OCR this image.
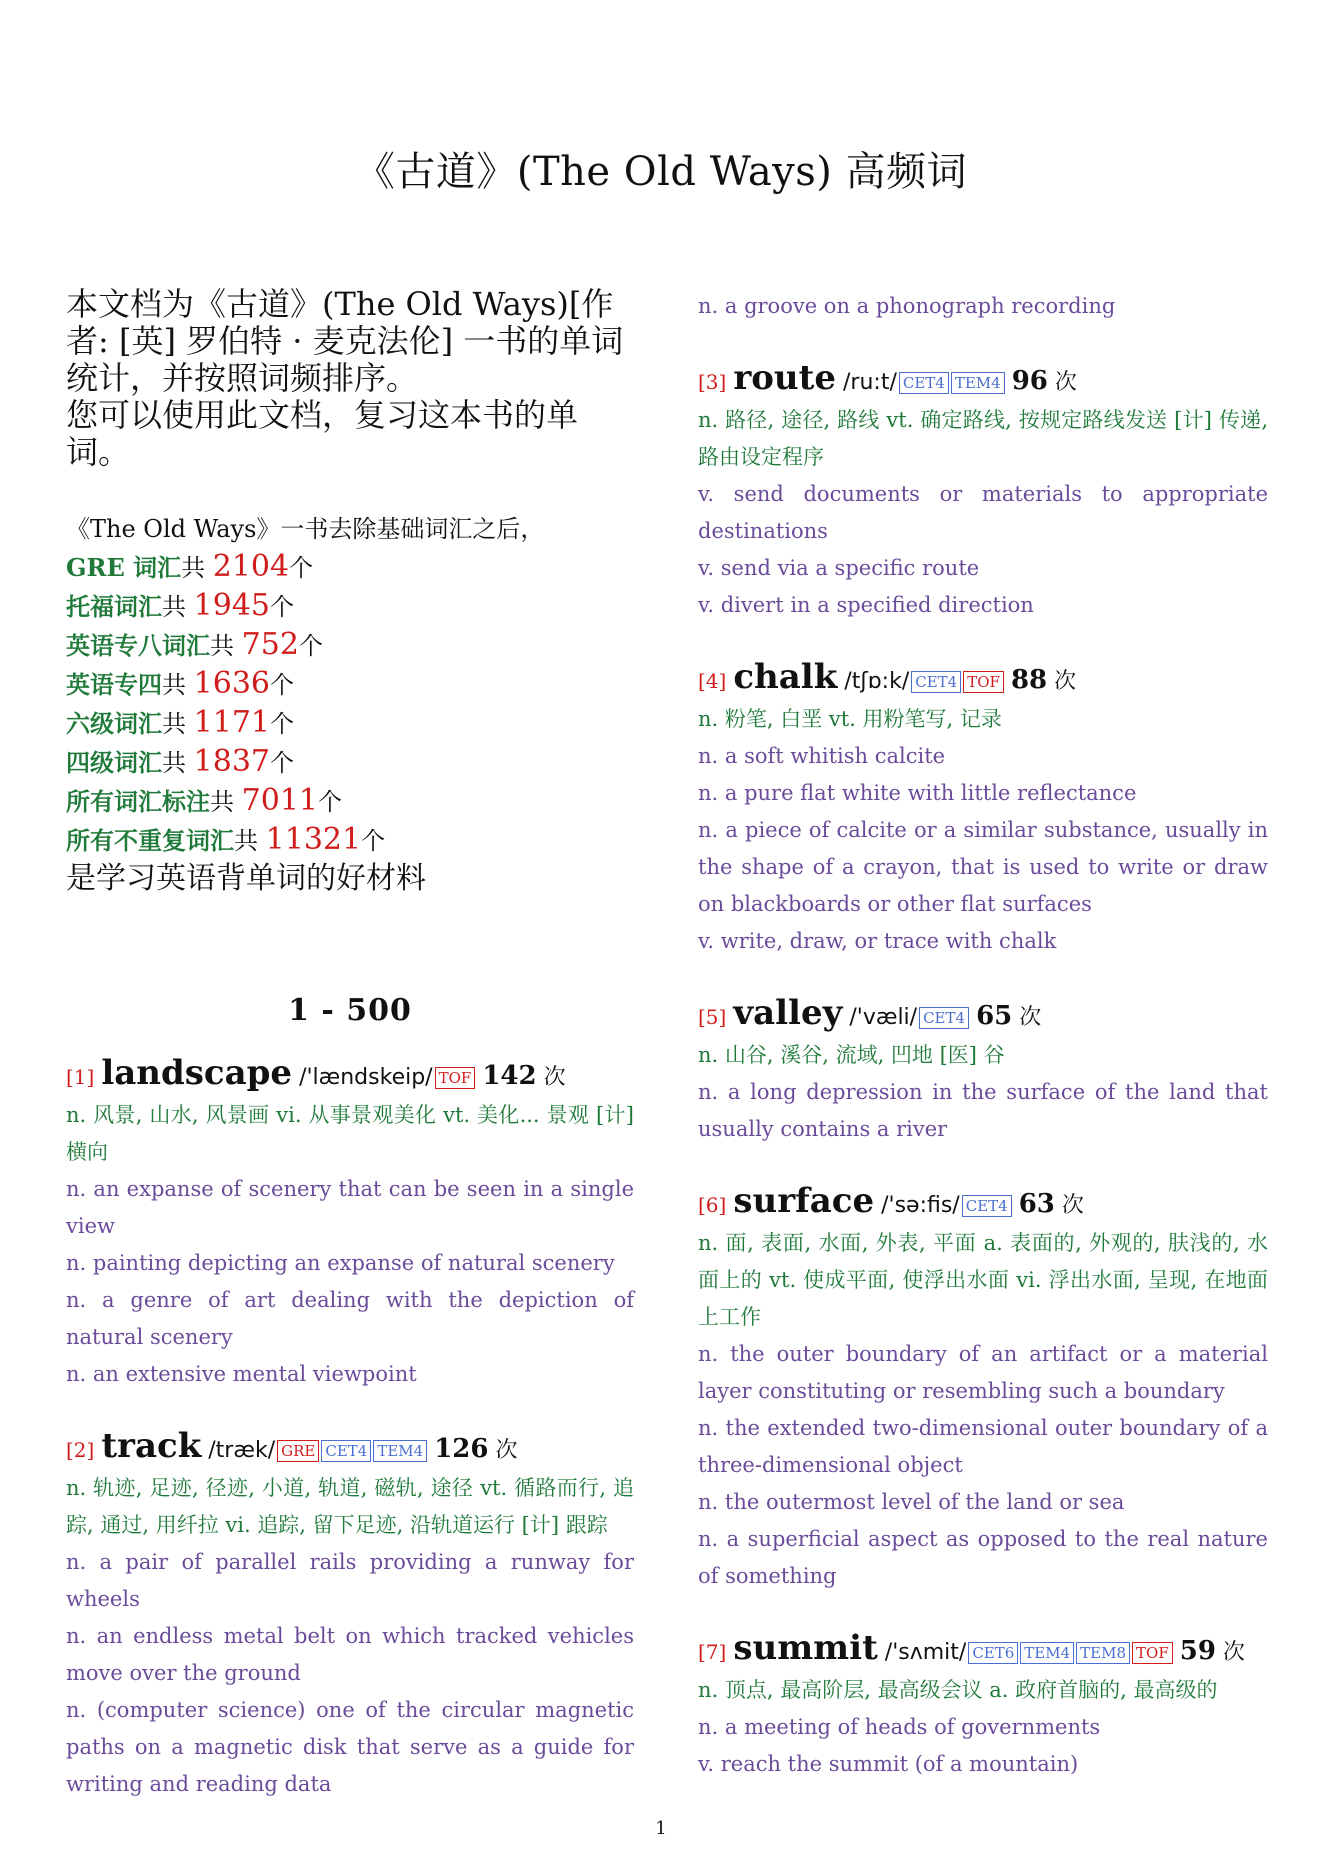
《古道》(The Old Ways) 高频词

本文档为《古道》(The Old Ways)[作者: [英] 罗伯特 · 麦克法伦] 一书的单词统计，并按照词频排序。

您可以使用此文档，复习这本书的单词。

《The Old Ways》一书去除基础词汇之后，
GRE 词汇共 2104个
托福词汇共 1945个
英语专八词汇共 752个
英语专四共 1636个
六级词汇共 1171个
四级词汇共 1837个
所有词汇标注共 7011个
所有不重复词汇共 11321个
是学习英语背单词的好材料
1 - 500
[1] landscape /'lændskeip/ TOF 142 次
n. 风景, 山水, 风景画 vi. 从事景观美化 vt. 美化... 景观 [计] 横向
n. an expanse of scenery that can be seen in a single view
n. painting depicting an expanse of natural scenery
n. a genre of art dealing with the depiction of natural scenery
n. an extensive mental viewpoint
[2] track /træk/ GRE CET4 TEM4 126 次
n. 轨迹, 足迹, 径迹, 小道, 轨道, 磁轨, 途径 vt. 循路而行, 追踪, 通过, 用纤拉 vi. 追踪, 留下足迹, 沿轨道运行 [计] 跟踪
n. a pair of parallel rails providing a runway for wheels
n. an endless metal belt on which tracked vehicles move over the ground
n. (computer science) one of the circular magnetic paths on a magnetic disk that serve as a guide for writing and reading data
n. a groove on a phonograph recording
[3] route /ru:t/ CET4 TEM4 96 次
n. 路径, 途径, 路线 vt. 确定路线, 按规定路线发送 [计] 传递, 路由设定程序
v. send documents or materials to appropriate destinations
v. send via a specific route
v. divert in a specified direction
[4] chalk /tʃɒ:k/ CET4 TOF 88 次
n. 粉笔, 白垩 vt. 用粉笔写, 记录
n. a soft whitish calcite
n. a pure flat white with little reflectance
n. a piece of calcite or a similar substance, usually in the shape of a crayon, that is used to write or draw on blackboards or other flat surfaces
v. write, draw, or trace with chalk
[5] valley /'væli/ CET4 65 次
n. 山谷, 溪谷, 流域, 凹地 [医] 谷
n. a long depression in the surface of the land that usually contains a river
[6] surface /'sə:fis/ CET4 63 次
n. 面, 表面, 水面, 外表, 平面 a. 表面的, 外观的, 肤浅的, 水面上的 vt. 使成平面, 使浮出水面 vi. 浮出水面, 呈现, 在地面上工作
n. the outer boundary of an artifact or a material layer constituting or resembling such a boundary
n. the extended two-dimensional outer boundary of a three-dimensional object
n. the outermost level of the land or sea
n. a superficial aspect as opposed to the real nature of something
[7] summit /'sʌmit/ CET6 TEM4 TEM8 TOF 59 次
n. 顶点, 最高阶层, 最高级会议 a. 政府首脑的, 最高级的
n. a meeting of heads of governments
v. reach the summit (of a mountain)
1
